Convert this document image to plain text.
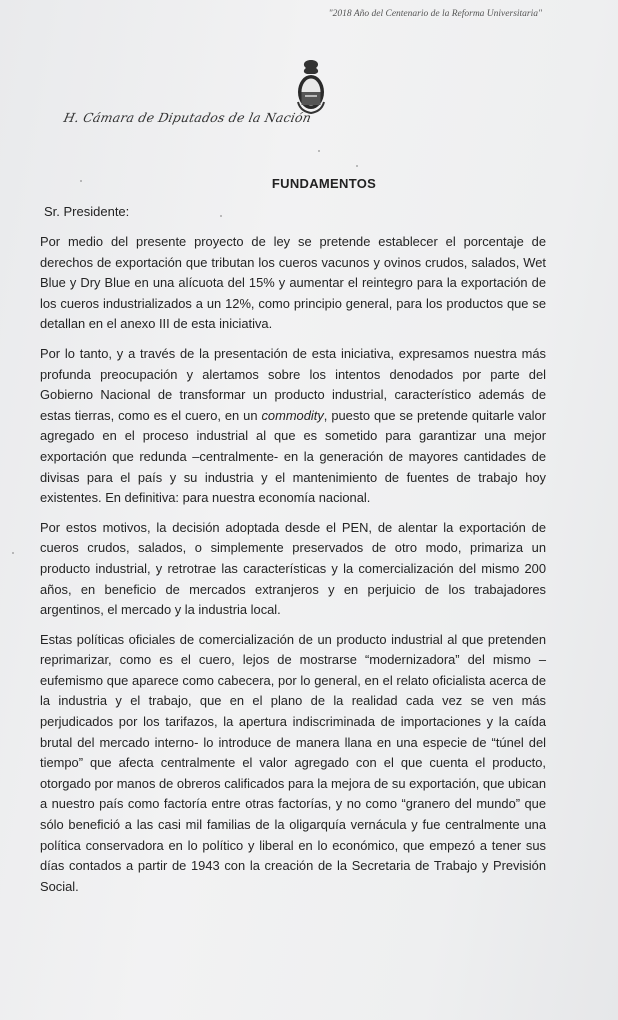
"2018 Año del Centenario de la Reforma Universitaria"
H. Cámara de Diputados de la Nación
FUNDAMENTOS
Sr. Presidente:

Por medio del presente proyecto de ley se pretende establecer el porcentaje de derechos de exportación que tributan los cueros vacunos y ovinos crudos, salados, Wet Blue y Dry Blue en una alícuota del 15% y aumentar el reintegro para la exportación de los cueros industrializados a un 12%, como principio general, para los productos que se detallan en el anexo III de esta iniciativa.

Por lo tanto, y a través de la presentación de esta iniciativa, expresamos nuestra más profunda preocupación y alertamos sobre los intentos denodados por parte del Gobierno Nacional de transformar un producto industrial, característico además de estas tierras, como es el cuero, en un commodity, puesto que se pretende quitarle valor agregado en el proceso industrial al que es sometido para garantizar una mejor exportación que redunda –centralmente- en la generación de mayores cantidades de divisas para el país y su industria y el mantenimiento de fuentes de trabajo hoy existentes. En definitiva: para nuestra economía nacional.

Por estos motivos, la decisión adoptada desde el PEN, de alentar la exportación de cueros crudos, salados, o simplemente preservados de otro modo, primariza un producto industrial, y retrotrae las características y la comercialización del mismo 200 años, en beneficio de mercados extranjeros y en perjuicio de los trabajadores argentinos, el mercado y la industria local.

Estas políticas oficiales de comercialización de un producto industrial al que pretenden reprimarizar, como es el cuero, lejos de mostrarse “modernizadora” del mismo –eufemismo que aparece como cabecera, por lo general, en el relato oficialista acerca de la industria y el trabajo, que en el plano de la realidad cada vez se ven más perjudicados por los tarifazos, la apertura indiscriminada de importaciones y la caída brutal del mercado interno- lo introduce de manera llana en una especie de “túnel del tiempo” que afecta centralmente el valor agregado con el que cuenta el producto, otorgado por manos de obreros calificados para la mejora de su exportación, que ubican a nuestro país como factoría entre otras factorías, y no como “granero del mundo” que sólo benefició a las casi mil familias de la oligarquía vernácula y fue centralmente una política conservadora en lo político y liberal en lo económico, que empezó a tener sus días contados a partir de 1943 con la creación de la Secretaria de Trabajo y Previsión Social.
